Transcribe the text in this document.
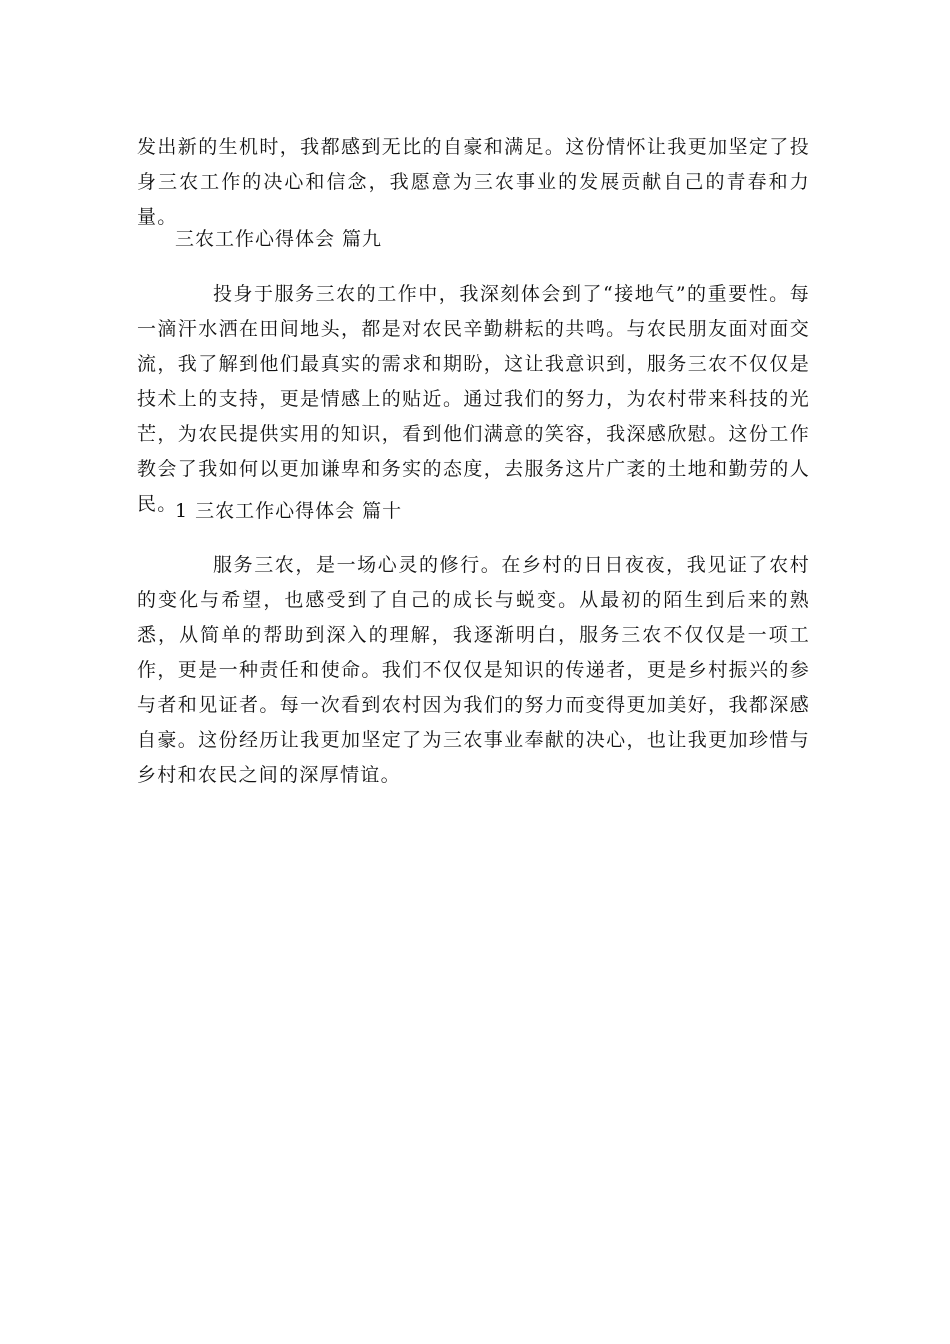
发出新的生机时，我都感到无比的自豪和满足。这份情怀让我更加坚定了投身三农工作的决心和信念，我愿意为三农事业的发展贡献自己的青春和力量。

三农工作心得体会 篇九

投身于服务三农的工作中，我深刻体会到了“接地气”的重要性。每一滴汗水洒在田间地头，都是对农民辛勤耕耘的共鸣。与农民朋友面对面交流，我了解到他们最真实的需求和期盼，这让我意识到，服务三农不仅仅是技术上的支持，更是情感上的贴近。通过我们的努力，为农村带来科技的光芒，为农民提供实用的知识，看到他们满意的笑容，我深感欣慰。这份工作教会了我如何以更加谦卑和务实的态度，去服务这片广袤的土地和勤劳的人民。

1 三农工作心得体会 篇十

服务三农，是一场心灵的修行。在乡村的日日夜夜，我见证了农村的变化与希望，也感受到了自己的成长与蜕变。从最初的陌生到后来的熟悉，从简单的帮助到深入的理解，我逐渐明白，服务三农不仅仅是一项工作，更是一种责任和使命。我们不仅仅是知识的传递者，更是乡村振兴的参与者和见证者。每一次看到农村因为我们的努力而变得更加美好，我都深感自豪。这份经历让我更加坚定了为三农事业奉献的决心，也让我更加珍惜与乡村和农民之间的深厚情谊。
